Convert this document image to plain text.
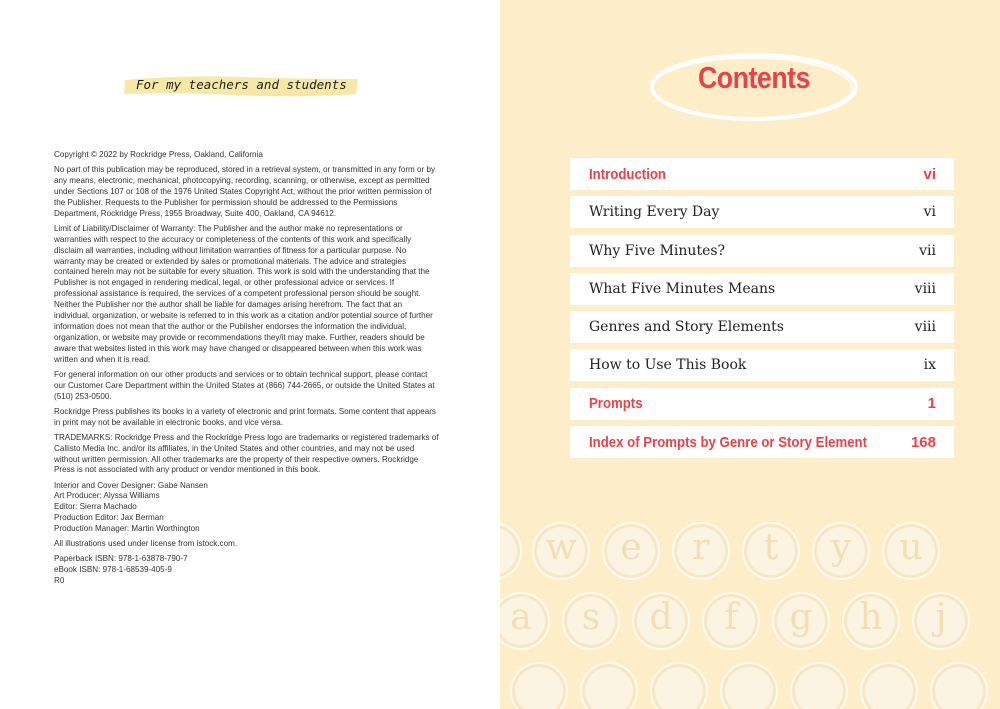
For my teachers and students

Copyright © 2022 by Rockridge Press, Oakland, California

No part of this publication may be reproduced, stored in a retrieval system, or transmitted in any form or by any means, electronic, mechanical, photocopying, recording, scanning, or otherwise, except as permitted under Sections 107 or 108 of the 1976 United States Copyright Act, without the prior written permission of the Publisher. Requests to the Publisher for permission should be addressed to the Permissions Department, Rockridge Press, 1955 Broadway, Suite 400, Oakland, CA 94612.

Limit of Liability/Disclaimer of Warranty: The Publisher and the author make no representations or warranties with respect to the accuracy or completeness of the contents of this work and specifically disclaim all warranties, including without limitation warranties of fitness for a particular purpose. No warranty may be created or extended by sales or promotional materials. The advice and strategies contained herein may not be suitable for every situation. This work is sold with the understanding that the Publisher is not engaged in rendering medical, legal, or other professional advice or services. If professional assistance is required, the services of a competent professional person should be sought. Neither the Publisher nor the author shall be liable for damages arising herefrom. The fact that an individual, organization, or website is referred to in this work as a citation and/or potential source of further information does not mean that the author or the Publisher endorses the information the individual, organization, or website may provide or recommendations they/it may make. Further, readers should be aware that websites listed in this work may have changed or disappeared between when this work was written and when it is read.

For general information on our other products and services or to obtain technical support, please contact our Customer Care Department within the United States at (866) 744-2665, or outside the United States at (510) 253-0500.

Rockridge Press publishes its books in a variety of electronic and print formats. Some content that appears in print may not be available in electronic books, and vice versa.

TRADEMARKS: Rockridge Press and the Rockridge Press logo are trademarks or registered trademarks of Callisto Media Inc. and/or its affiliates, in the United States and other countries, and may not be used without written permission. All other trademarks are the property of their respective owners. Rockridge Press is not associated with any product or vendor mentioned in this book.

Interior and Cover Designer: Gabe Nansen

Art Producer: Alyssa Williams

Editor: Sierra Machado

Production Editor: Jax Berman

Production Manager: Martin Worthington

All illustrations used under license from istock.com.

Paperback ISBN: 978-1-63878-790-7

eBook ISBN: 978-1-68539-405-9

R0

Contents
Introduction	vi
Writing Every Day	vi
Why Five Minutes?	vii
What Five Minutes Means	viii
Genres and Story Elements	viii
How to Use This Book	ix
Prompts	1
Index of Prompts by Genre or Story Element	168
w e r t y u
a s d f g h j
